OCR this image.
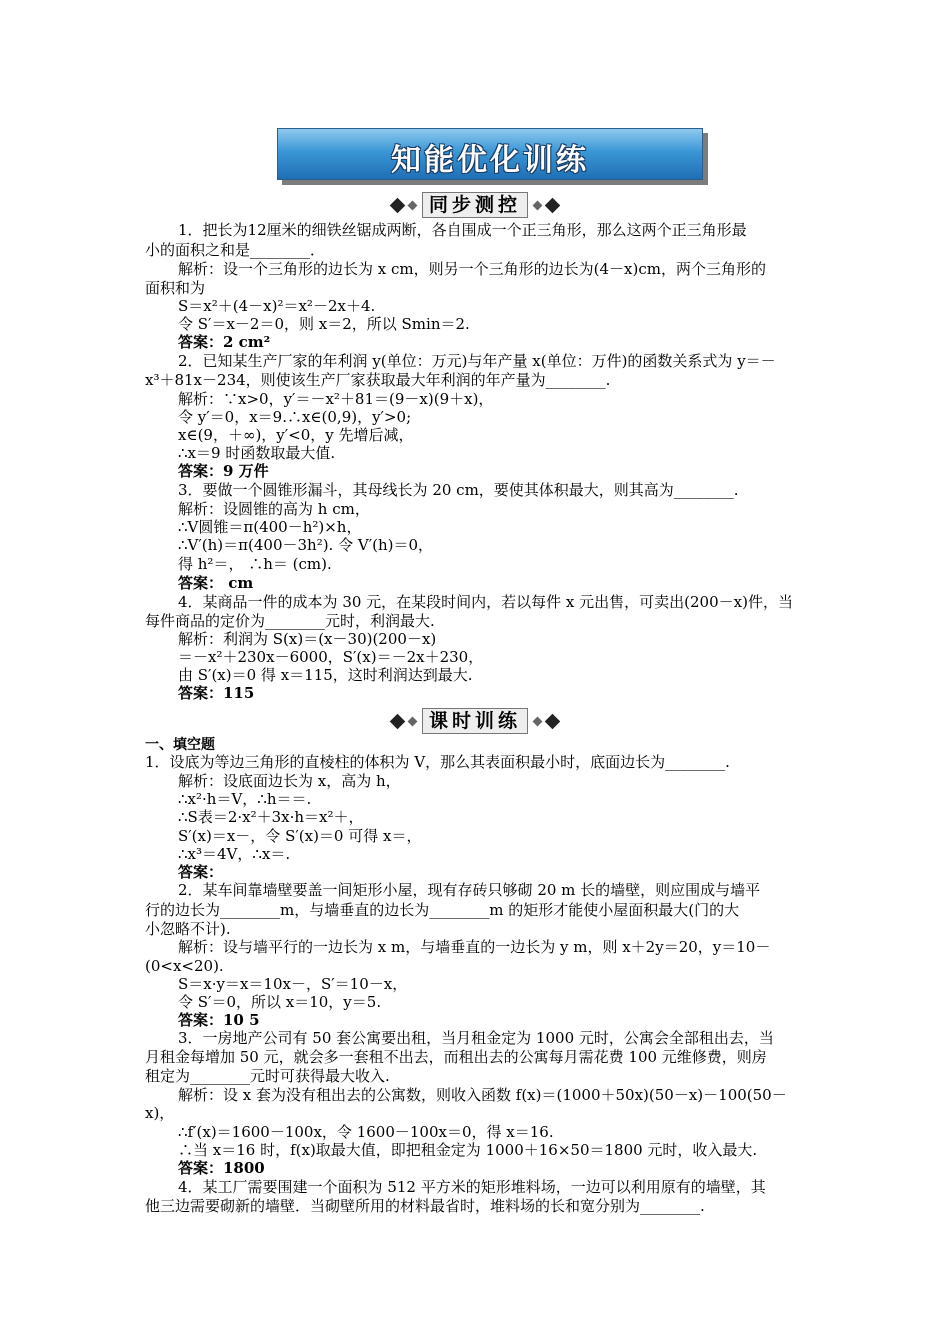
知能优化训练
同步测控
1．把长为12厘米的细铁丝锯成两断，各自围成一个正三角形，那么这两个正三角形最
小的面积之和是________．
解析：设一个三角形的边长为 x cm，则另一个三角形的边长为(4－x)cm，两个三角形的
面积和为
S＝x²＋(4－x)²＝x²－2x＋4.
令 S′＝x－2＝0，则 x＝2，所以 Smin＝2.
答案：2 cm²
2．已知某生产厂家的年利润 y(单位：万元)与年产量 x(单位：万件)的函数关系式为 y＝－
x³＋81x－234，则使该生产厂家获取最大年利润的年产量为________.
解析：∵x>0，y′＝－x²＋81＝(9－x)(9＋x)，
令 y′＝0，x＝9.∴x∈(0,9)，y′>0;
x∈(9，＋∞)，y′<0，y 先增后减，
∴x＝9 时函数取最大值.
答案：9 万件
3．要做一个圆锥形漏斗，其母线长为 20 cm，要使其体积最大，则其高为________.
解析：设圆锥的高为 h cm，
∴V圆锥＝π(400－h²)×h，
∴V′(h)＝π(400－3h²). 令 V′(h)＝0，
得 h²＝， ∴h＝ (cm).
答案： cm
4．某商品一件的成本为 30 元，在某段时间内，若以每件 x 元出售，可卖出(200－x)件，当
每件商品的定价为________元时，利润最大.
解析：利润为 S(x)＝(x－30)(200－x)
＝－x²＋230x－6000，S′(x)＝－2x＋230，
由 S′(x)＝0 得 x＝115，这时利润达到最大.
答案：115
课时训练
一、填空题
1．设底为等边三角形的直棱柱的体积为 V，那么其表面积最小时，底面边长为________.
解析：设底面边长为 x，高为 h，
∴x²·h＝V，∴h＝＝.
∴S表＝2·x²＋3x·h＝x²＋，
S′(x)＝x－，令 S′(x)＝0 可得 x＝，
∴x³＝4V，∴x＝.
答案：
2．某车间靠墙壁要盖一间矩形小屋，现有存砖只够砌 20 m 长的墙壁，则应围成与墙平
行的边长为________m，与墙垂直的边长为________m 的矩形才能使小屋面积最大(门的大
小忽略不计).
解析：设与墙平行的一边长为 x m，与墙垂直的一边长为 y m，则 x＋2y＝20，y＝10－
(0<x<20).
S＝x·y＝x＝10x－，S′＝10－x，
令 S′＝0，所以 x＝10，y＝5.
答案：10 5
3．一房地产公司有 50 套公寓要出租，当月租金定为 1000 元时，公寓会全部租出去，当
月租金每增加 50 元，就会多一套租不出去，而租出去的公寓每月需花费 100 元维修费，则房
租定为________元时可获得最大收入.
解析：设 x 套为没有租出去的公寓数，则收入函数 f(x)＝(1000＋50x)(50－x)－100(50－
x)，
∴f′(x)＝1600－100x，令 1600－100x＝0，得 x＝16.
∴当 x＝16 时，f(x)取最大值，即把租金定为 1000＋16×50＝1800 元时，收入最大.
答案：1800
4．某工厂需要围建一个面积为 512 平方米的矩形堆料场，一边可以利用原有的墙壁，其
他三边需要砌新的墙壁．当砌壁所用的材料最省时，堆料场的长和宽分别为________.
